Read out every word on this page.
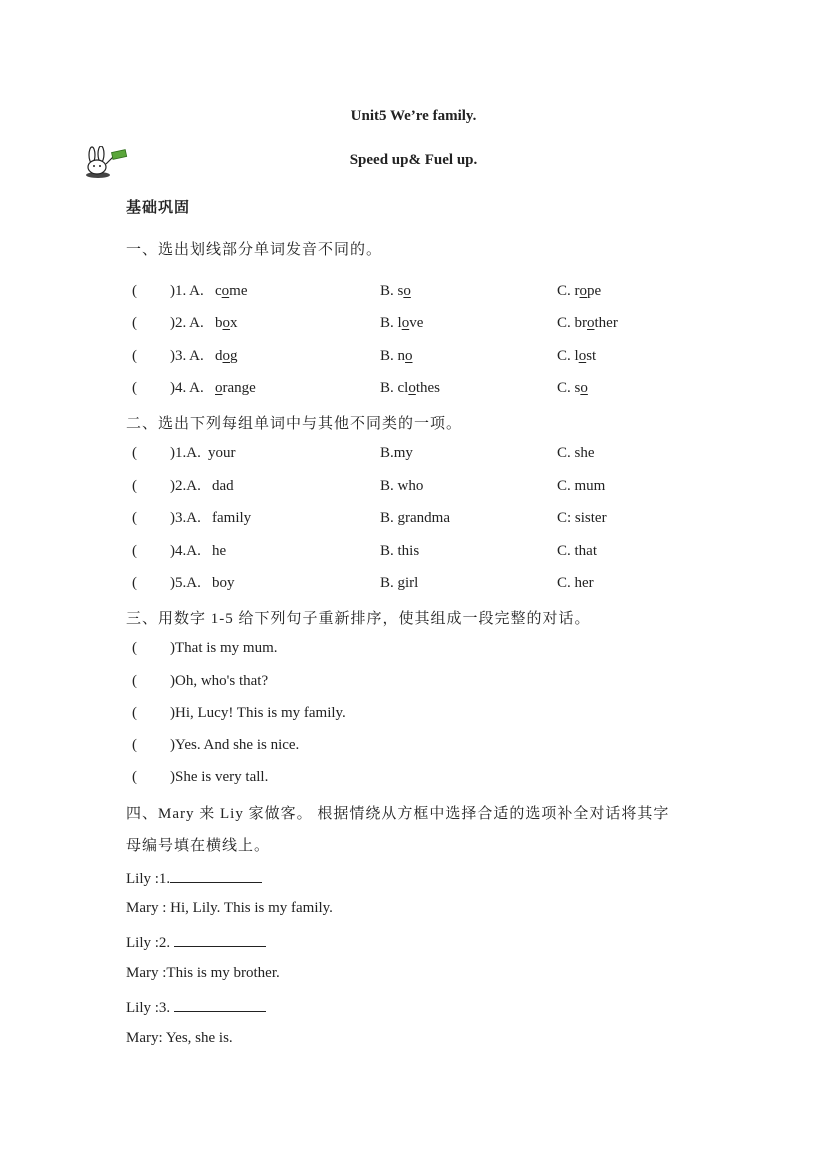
Unit5 We’re family.
Speed up& Fuel up.
基础巩固
一、选出划线部分单词发音不同的。
( )1. A. come	B. so	C. rope
( )2. A. box	B. love	C. brother
( )3. A. dog	B. no	C. lost
( )4. A. orange	B. clothes	C. so
二、选出下列每组单词中与其他不同类的一项。
( )1.A. your	B.my	C. she
( )2.A. dad	B. who	C. mum
( )3.A. family	B. grandma	C: sister
( )4.A. he	B. this	C. that
( )5.A. boy	B. girl	C. her
三、用数字 1-5 给下列句子重新排序，使其组成一段完整的对话。
( )That is my mum.
( )Oh, who's that?
( )Hi, Lucy! This is my family.
( )Yes. And she is nice.
( )She is very tall.
四、Mary 来 Liy 家做客。 根据情绕从方框中选择合适的选项补全对话将其字
母编号填在横线上。
Lily :1.
Mary : Hi, Lily. This is my family.
Lily :2.
Mary :This is my brother.
Lily :3.
Mary: Yes, she is.
